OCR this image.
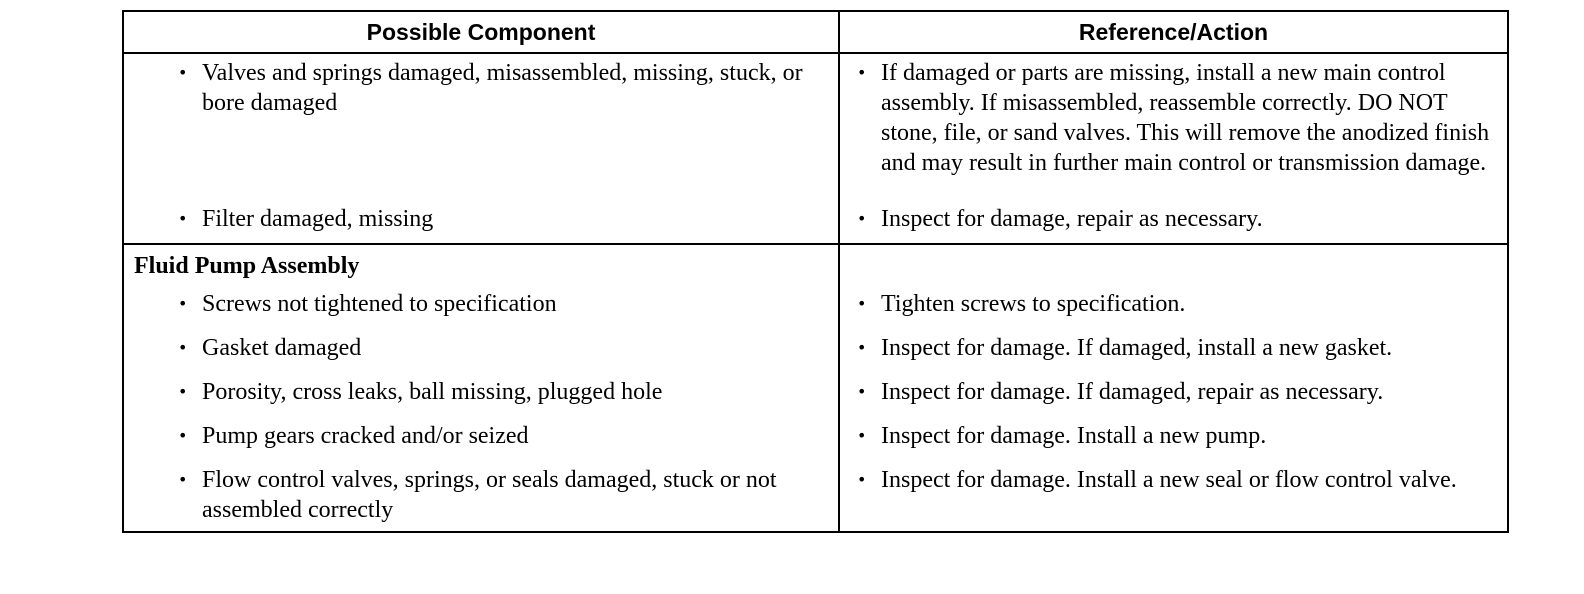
Possible Component	Reference/Action

• Valves and springs damaged, misassembled, missing, stuck, or bore damaged	• If damaged or parts are missing, install a new main control assembly. If misassembled, reassemble correctly. DO NOT stone, file, or sand valves. This will remove the anodized finish and may result in further main control or transmission damage.

• Filter damaged, missing	• Inspect for damage, repair as necessary.

Fluid Pump Assembly	

• Screws not tightened to specification	• Tighten screws to specification.

• Gasket damaged	• Inspect for damage. If damaged, install a new gasket.

• Porosity, cross leaks, ball missing, plugged hole	• Inspect for damage. If damaged, repair as necessary.

• Pump gears cracked and/or seized	• Inspect for damage. Install a new pump.

• Flow control valves, springs, or seals damaged, stuck or not assembled correctly	• Inspect for damage. Install a new seal or flow control valve.
